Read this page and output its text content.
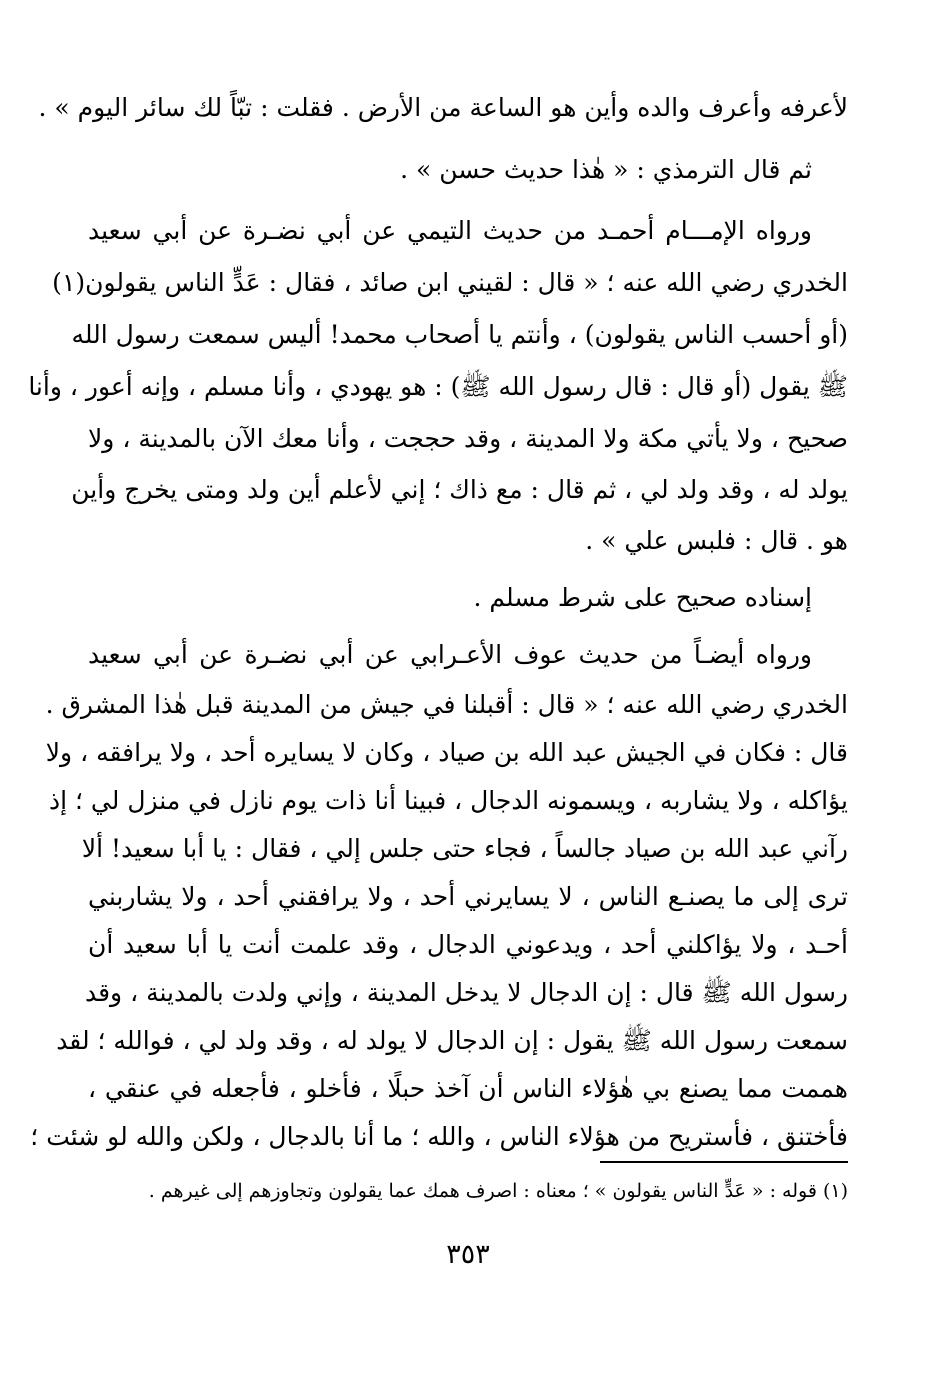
لأعرفه وأعرف والده وأين هو الساعة من الأرض . فقلت : تبّاً لك سائر اليوم » .
ثم قال الترمذي : « هٰذا حديث حسن » .
ورواه الإمـــام أحمـد من حديث التيمي عن أبي نضـرة عن أبي سعيد
الخدري رضي الله عنه ؛ « قال : لقيني ابن صائد ، فقال : عَدٍّ الناس يقولون(١)
(أو أحسب الناس يقولون) ، وأنتم يا أصحاب محمد! أليس سمعت رسول الله
ﷺ يقول (أو قال : قال رسول الله ﷺ) : هو يهودي ، وأنا مسلم ، وإنه أعور ، وأنا
صحيح ، ولا يأتي مكة ولا المدينة ، وقد حججت ، وأنا معك الآن بالمدينة ، ولا
يولد له ، وقد ولد لي ، ثم قال : مع ذاك ؛ إني لأعلم أين ولد ومتى يخرج وأين
هو . قال : فلبس علي » .
إسناده صحيح على شرط مسلم .
ورواه أيضـاً من حديث عوف الأعـرابي عن أبي نضـرة عن أبي سعيد
الخدري رضي الله عنه ؛ « قال : أقبلنا في جيش من المدينة قبل هٰذا المشرق .
قال : فكان في الجيش عبد الله بن صياد ، وكان لا يسايره أحد ، ولا يرافقه ، ولا
يؤاكله ، ولا يشاربه ، ويسمونه الدجال ، فبينا أنا ذات يوم نازل في منزل لي ؛ إذ
رآني عبد الله بن صياد جالساً ، فجاء حتى جلس إلي ، فقال : يا أبا سعيد! ألا
ترى إلى ما يصنـع الناس ، لا يسايرني أحد ، ولا يرافقني أحد ، ولا يشاربني
أحـد ، ولا يؤاكلني أحد ، ويدعوني الدجال ، وقد علمت أنت يا أبا سعيد أن
رسول الله ﷺ قال : إن الدجال لا يدخل المدينة ، وإني ولدت بالمدينة ، وقد
سمعت رسول الله ﷺ يقول : إن الدجال لا يولد له ، وقد ولد لي ، فوالله ؛ لقد
هممت مما يصنع بي هٰؤلاء الناس أن آخذ حبلًا ، فأخلو ، فأجعله في عنقي ،
فأختنق ، فأستريح من هؤلاء الناس ، والله ؛ ما أنا بالدجال ، ولكن والله لو شئت ؛
(١) قوله : « عَدٍّ الناس يقولون » ؛ معناه : اصرف همك عما يقولون وتجاوزهم إلى غيرهم .
٣٥٣
